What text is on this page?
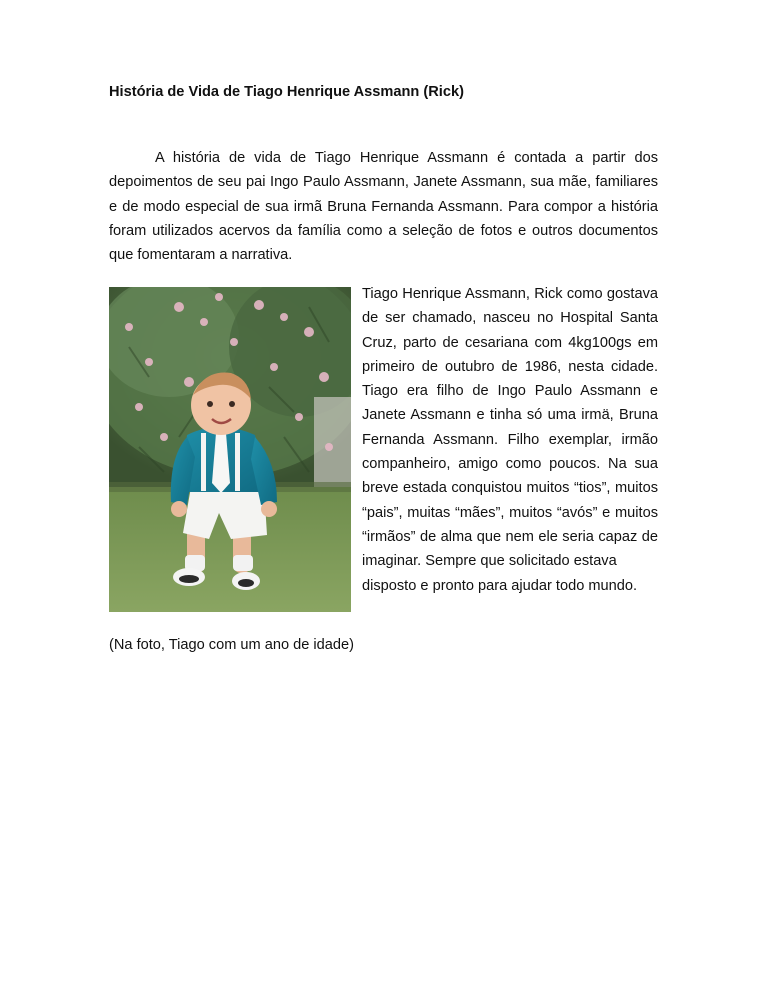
História de Vida de Tiago Henrique Assmann (Rick)
A história de vida de Tiago Henrique Assmann é contada a partir dos depoimentos de seu pai Ingo Paulo Assmann, Janete Assmann, sua mãe, familiares e de modo especial de sua irmã Bruna Fernanda Assmann. Para compor a história foram utilizados acervos da família como a seleção de fotos e outros documentos que fomentaram a narrativa.
Tiago Henrique Assmann, Rick como gostava de ser chamado, nasceu no Hospital Santa Cruz, parto de cesariana com 4kg100gs em primeiro de outubro de 1986, nesta cidade. Tiago era filho de Ingo Paulo Assmann e Janete Assmann e tinha só uma irmä, Bruna Fernanda Assmann. Filho exemplar, irmão companheiro, amigo como poucos. Na sua breve estada conquistou muitos “tios”, muitos “pais”, muitas “mães”, muitos “avós” e muitos “irmãos” de alma que nem ele seria capaz de imaginar. Sempre que solicitado estava
disposto e pronto para ajudar todo mundo.
(Na foto, Tiago com um ano de idade)
